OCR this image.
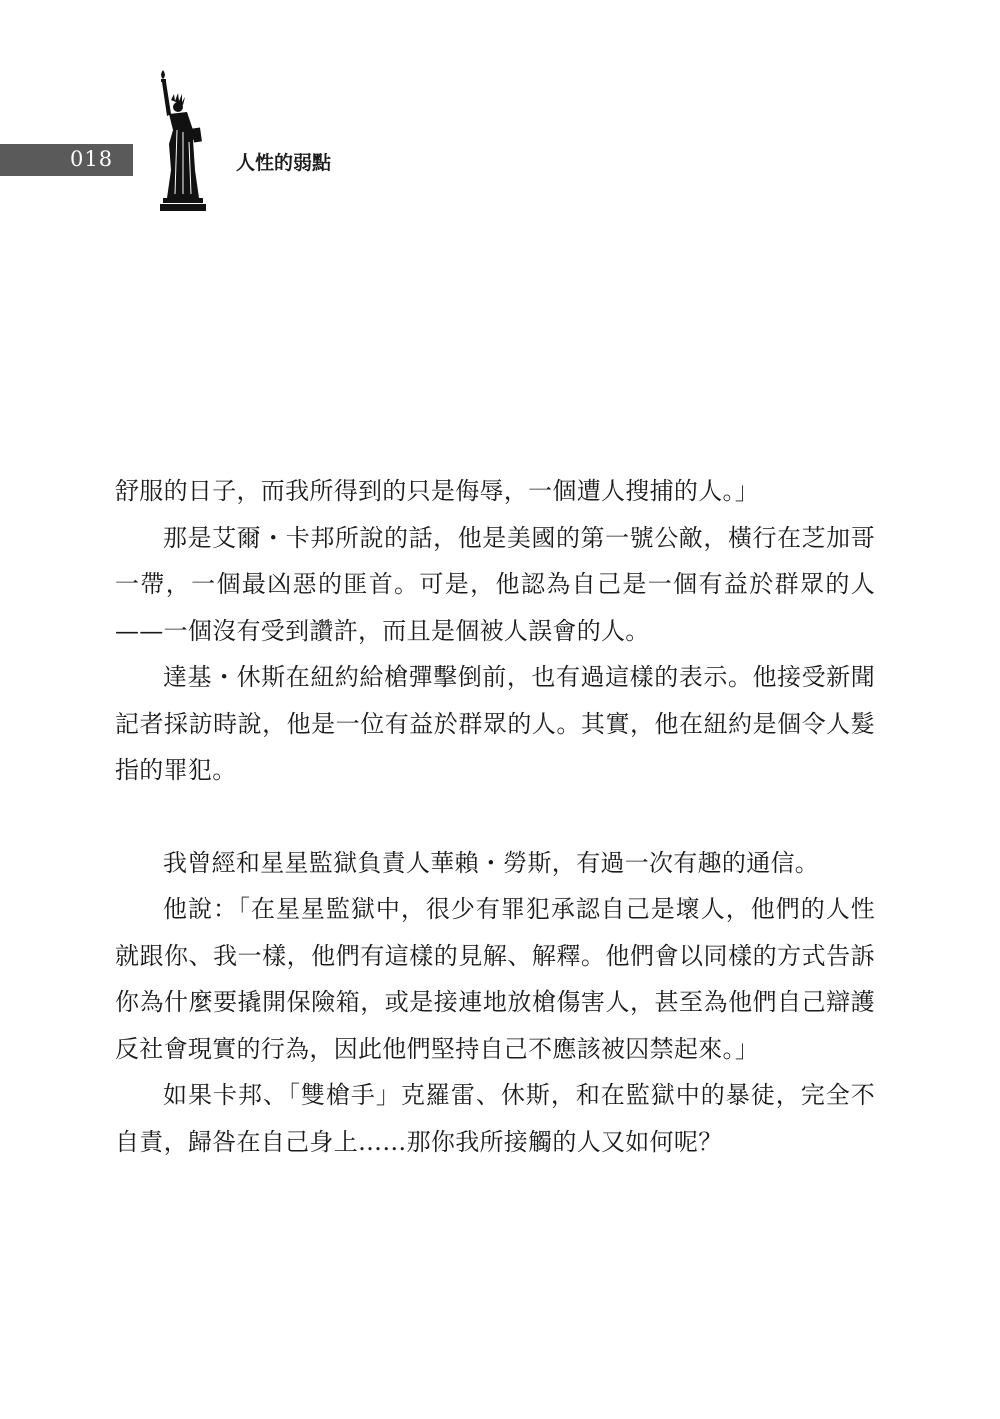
018	人性的弱點

舒服的日子，而我所得到的只是侮辱，一個遭人搜捕的人。」

那是艾爾・卡邦所說的話，他是美國的第一號公敵，橫行在芝加哥一帶，一個最凶惡的匪首。可是，他認為自己是一個有益於群眾的人——一個沒有受到讚許，而且是個被人誤會的人。

達基・休斯在紐約給槍彈擊倒前，也有過這樣的表示。他接受新聞記者採訪時說，他是一位有益於群眾的人。其實，他在紐約是個令人髮指的罪犯。

我曾經和星星監獄負責人華賴・勞斯，有過一次有趣的通信。

他說：「在星星監獄中，很少有罪犯承認自己是壞人，他們的人性就跟你、我一樣，他們有這樣的見解、解釋。他們會以同樣的方式告訴你為什麼要撬開保險箱，或是接連地放槍傷害人，甚至為他們自己辯護反社會現實的行為，因此他們堅持自己不應該被囚禁起來。」

如果卡邦、「雙槍手」克羅雷、休斯，和在監獄中的暴徒，完全不自責，歸咎在自己身上……那你我所接觸的人又如何呢？
